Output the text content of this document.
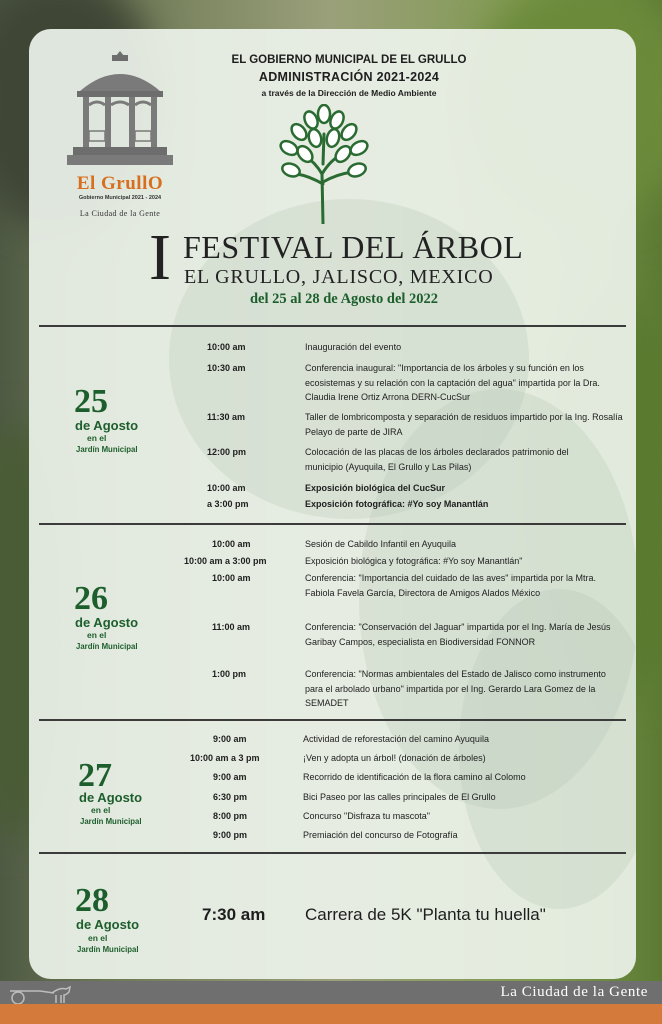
El GrullO
Gobierno Municipal 2021 - 2024
La Ciudad de la Gente
EL GOBIERNO MUNICIPAL DE EL GRULLO
ADMINISTRACIÓN 2021-2024
a través de la Dirección de Medio Ambiente
I FESTIVAL DEL ÁRBOL
EL GRULLO, JALISCO, MEXICO
del 25 al 28 de Agosto del 2022
25
de Agosto
en el
Jardín Municipal
10:00 am	Inauguración del evento
10:30 am	Conferencia inaugural: "Importancia de los árboles y su función en los ecosistemas y su relación con la captación del agua" impartida por la Dra. Claudia Irene Ortiz Arrona DERN-CucSur
11:30 am	Taller de lombricomposta y separación de residuos impartido por la Ing. Rosalía Pelayo de parte de JIRA
12:00 pm	Colocación de las placas de los árboles declarados patrimonio del municipio (Ayuquila, El Grullo y Las Pilas)
10:00 am	Exposición biológica del CucSur
a 3:00 pm	Exposición fotográfica: #Yo soy Manantlán
26
de Agosto
en el
Jardín Municipal
10:00 am	Sesión de Cabildo Infantil en Ayuquila
10:00 am a 3:00 pm	Exposición biológica y fotográfica: #Yo soy Manantlán"
10:00 am	Conferencia: "Importancia del cuidado de las aves" impartida por la Mtra. Fabiola Favela García, Directora de Amigos Alados México
11:00 am	Conferencia: "Conservación del Jaguar" impartida por el Ing. María de Jesús Garibay Campos, especialista en Biodiversidad FONNOR
1:00 pm	Conferencia: "Normas ambientales del Estado de Jalisco como instrumento para el arbolado urbano" impartida por el Ing. Gerardo Lara Gomez de la SEMADET
27
de Agosto
en el
Jardín Municipal
9:00 am	Actividad de reforestación del camino Ayuquila
10:00 am a 3 pm	¡Ven y adopta un árbol! (donación de árboles)
9:00 am	Recorrido de identificación de la flora camino al Colomo
6:30 pm	Bici Paseo por las calles principales de El Grullo
8:00 pm	Concurso "Disfraza tu mascota"
9:00 pm	Premiación del concurso de Fotografía
28
de Agosto
en el
Jardín Municipal
7:30 am Carrera de 5K "Planta tu huella"
La Ciudad de la Gente
